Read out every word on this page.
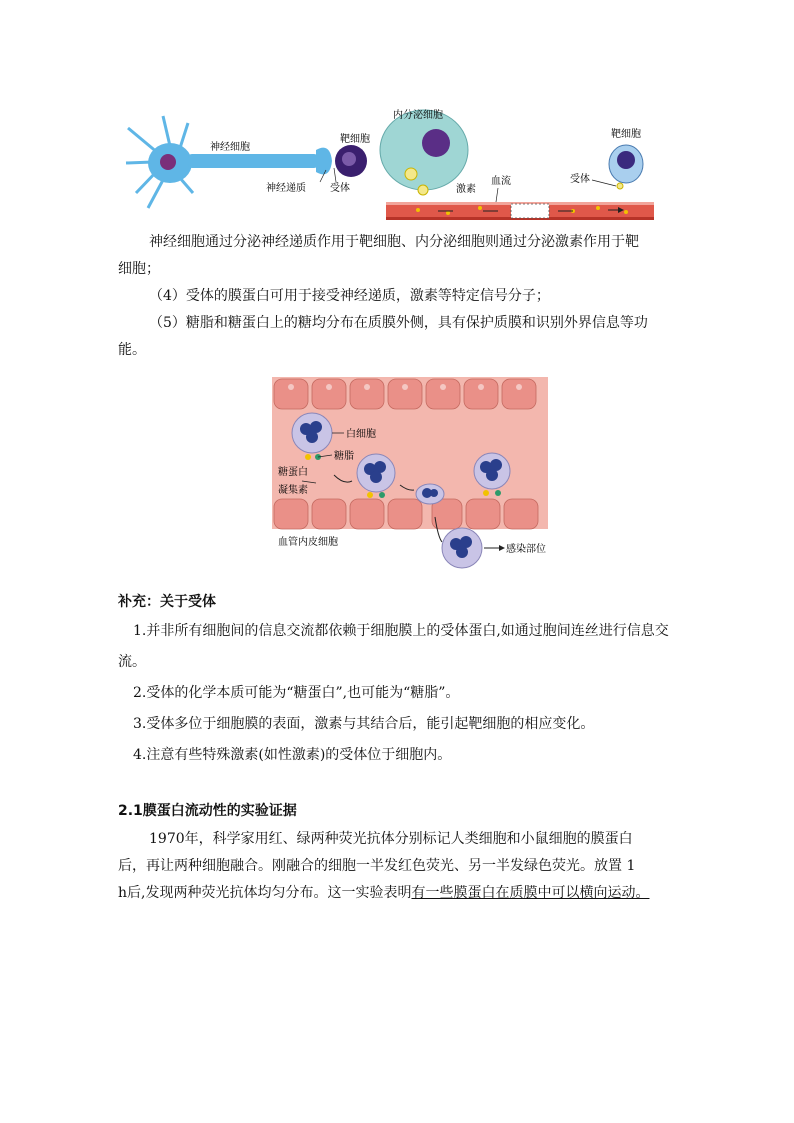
神经细胞
靶细胞
神经递质 受体
内分泌细胞
激素
血流
靶细胞
受体
神经细胞通过分泌神经递质作用于靶细胞、内分泌细胞则通过分泌激素作用于靶
细胞；
（4）受体的膜蛋白可用于接受神经递质，激素等特定信号分子；
（5）糖脂和糖蛋白上的糖均分布在质膜外侧，具有保护质膜和识别外界信息等功
能。
白细胞
糖脂
糖蛋白
凝集素
血管内皮细胞
感染部位
补充：关于受体
1.并非所有细胞间的信息交流都依赖于细胞膜上的受体蛋白,如通过胞间连丝进行信息交
流。
2.受体的化学本质可能为“糖蛋白”,也可能为“糖脂”。
3.受体多位于细胞膜的表面，激素与其结合后，能引起靶细胞的相应变化。
4.注意有些特殊激素(如性激素)的受体位于细胞内。
2.1膜蛋白流动性的实验证据
1970年，科学家用红、绿两种荧光抗体分别标记人类细胞和小鼠细胞的膜蛋白
后，再让两种细胞融合。刚融合的细胞一半发红色荧光、另一半发绿色荧光。放置 1
h后,发现两种荧光抗体均匀分布。这一实验表明有一些膜蛋白在质膜中可以横向运动。
